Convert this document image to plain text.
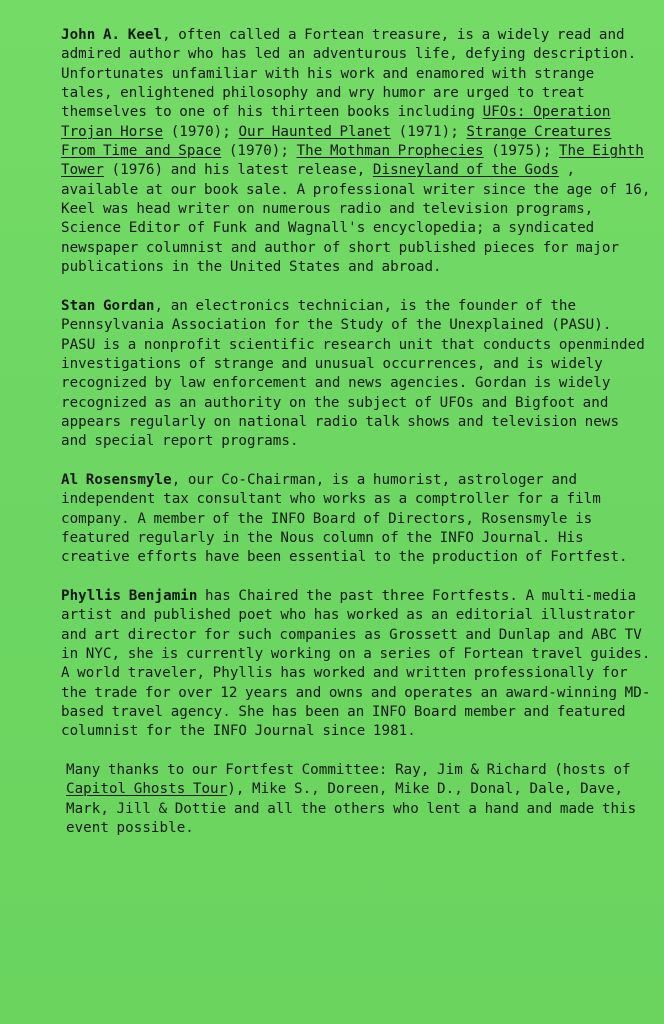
John A. Keel, often called a Fortean treasure, is a widely read and admired author who has led an adventurous life, defying description. Unfortunates unfamiliar with his work and enamored with strange tales, enlightened philosophy and wry humor are urged to treat themselves to one of his thirteen books including UFOs: Operation Trojan Horse (1970); Our Haunted Planet (1971); Strange Creatures From Time and Space (1970); The Mothman Prophecies (1975); The Eighth Tower (1976) and his latest release, Disneyland of the Gods , available at our book sale. A professional writer since the age of 16, Keel was head writer on numerous radio and television programs, Science Editor of Funk and Wagnall's encyclopedia; a syndicated newspaper columnist and author of short published pieces for major publications in the United States and abroad.

Stan Gordan, an electronics technician, is the founder of the Pennsylvania Association for the Study of the Unexplained (PASU). PASU is a nonprofit scientific research unit that conducts openminded investigations of strange and unusual occurrences, and is widely recognized by law enforcement and news agencies. Gordan is widely recognized as an authority on the subject of UFOs and Bigfoot and appears regularly on national radio talk shows and television news and special report programs.

Al Rosensmyle, our Co-Chairman, is a humorist, astrologer and independent tax consultant who works as a comptroller for a film company. A member of the INFO Board of Directors, Rosensmyle is featured regularly in the Nous column of the INFO Journal. His creative efforts have been essential to the production of Fortfest.

Phyllis Benjamin has Chaired the past three Fortfests. A multi-media artist and published poet who has worked as an editorial illustrator and art director for such companies as Grossett and Dunlap and ABC TV in NYC, she is currently working on a series of Fortean travel guides. A world traveler, Phyllis has worked and written professionally for the trade for over 12 years and owns and operates an award-winning MD-based travel agency. She has been an INFO Board member and featured columnist for the INFO Journal since 1981.

Many thanks to our Fortfest Committee: Ray, Jim & Richard (hosts of Capitol Ghosts Tour), Mike S., Doreen, Mike D., Donal, Dale, Dave, Mark, Jill & Dottie and all the others who lent a hand and made this event possible.
